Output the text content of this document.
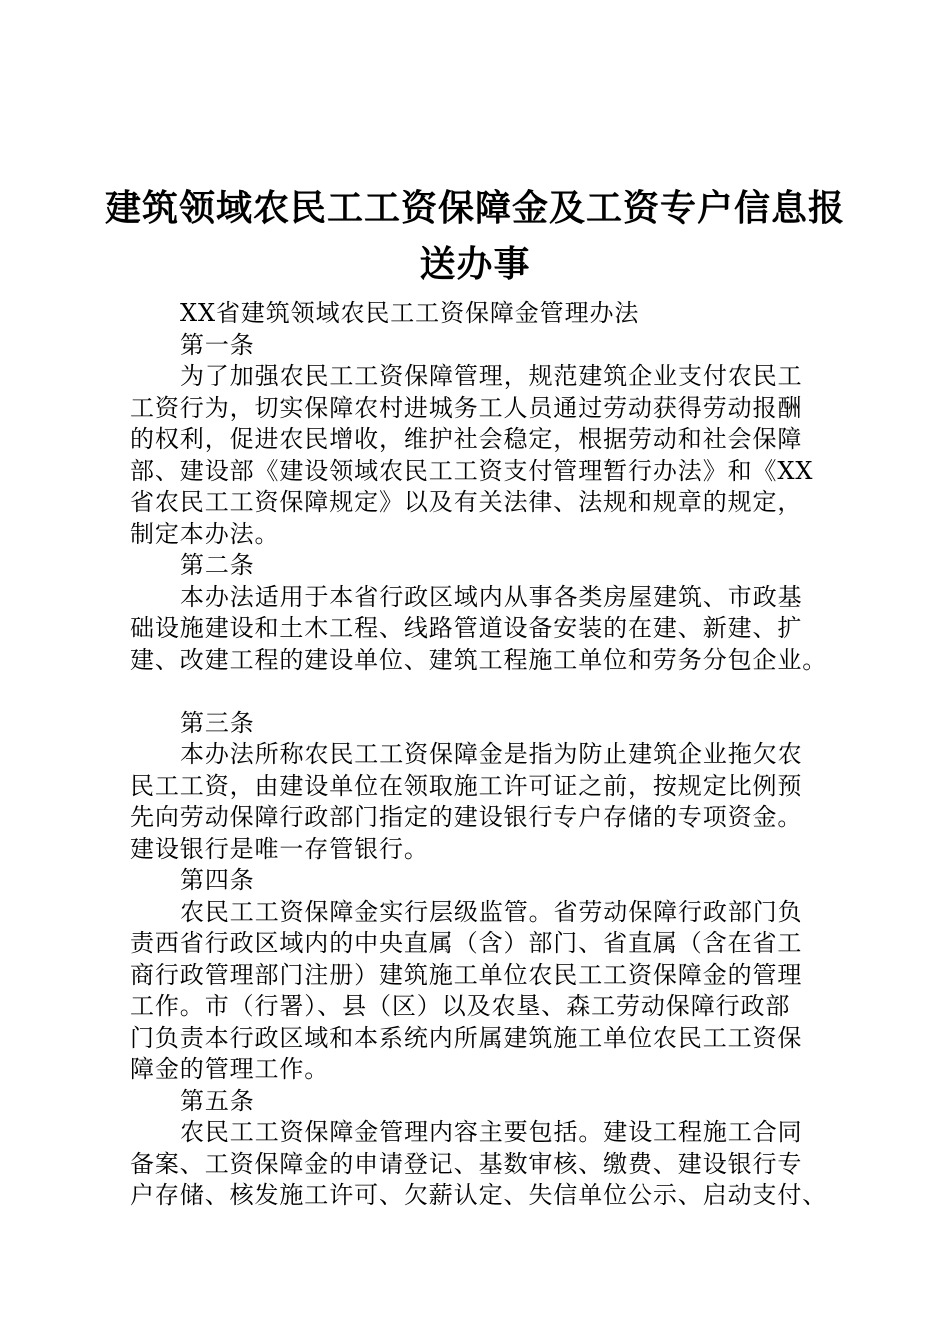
建筑领域农民工工资保障金及工资专户信息报
送办事
XX省建筑领域农民工工资保障金管理办法
第一条
为了加强农民工工资保障管理，规范建筑企业支付农民工
工资行为，切实保障农村进城务工人员通过劳动获得劳动报酬
的权利，促进农民增收，维护社会稳定，根据劳动和社会保障
部、建设部《建设领域农民工工资支付管理暂行办法》和《XX
省农民工工资保障规定》以及有关法律、法规和规章的规定，
制定本办法。
第二条
本办法适用于本省行政区域内从事各类房屋建筑、市政基
础设施建设和土木工程、线路管道设备安装的在建、新建、扩
建、改建工程的建设单位、建筑工程施工单位和劳务分包企业。
第三条
本办法所称农民工工资保障金是指为防止建筑企业拖欠农
民工工资，由建设单位在领取施工许可证之前，按规定比例预
先向劳动保障行政部门指定的建设银行专户存储的专项资金。
建设银行是唯一存管银行。
第四条
农民工工资保障金实行层级监管。省劳动保障行政部门负
责西省行政区域内的中央直属（含）部门、省直属（含在省工
商行政管理部门注册）建筑施工单位农民工工资保障金的管理
工作。市（行署）、县（区）以及农垦、森工劳动保障行政部
门负责本行政区域和本系统内所属建筑施工单位农民工工资保
障金的管理工作。
第五条
农民工工资保障金管理内容主要包括。建设工程施工合同
备案、工资保障金的申请登记、基数审核、缴费、建设银行专
户存储、核发施工许可、欠薪认定、失信单位公示、启动支付、
